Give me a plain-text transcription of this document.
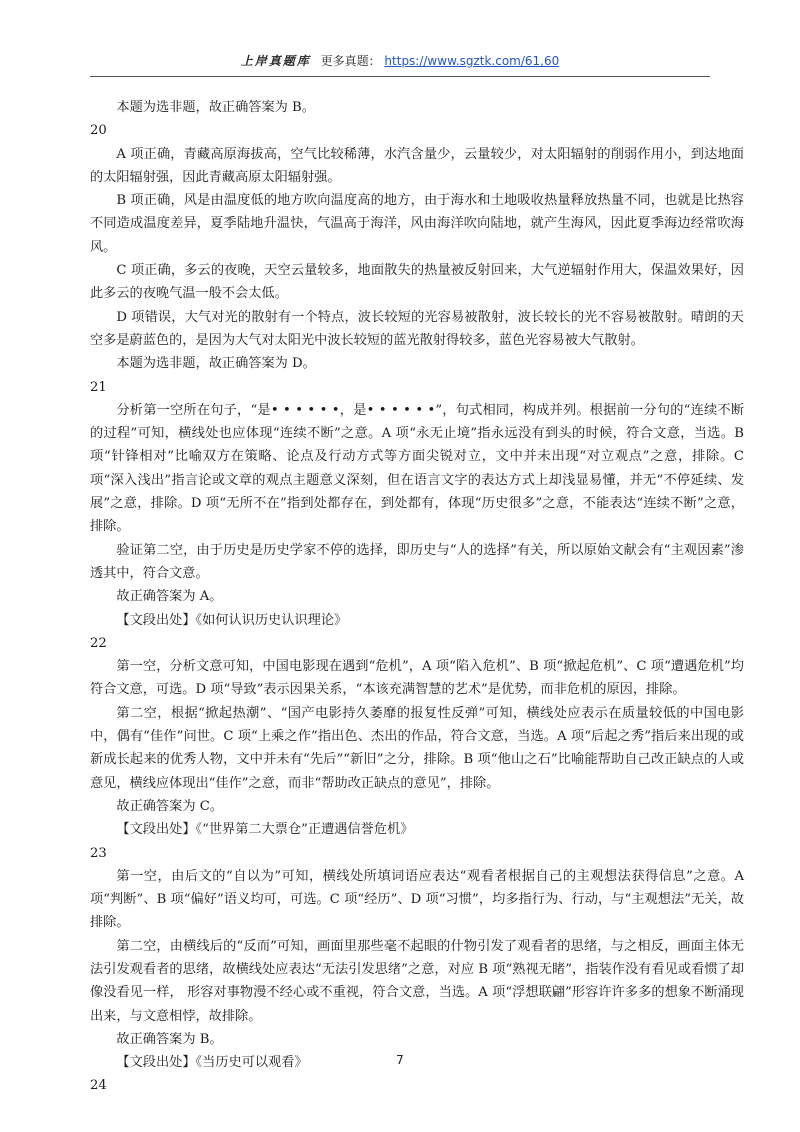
上岸真题库 更多真题： https://www.sgztk.com/61,60

本题为选非题，故正确答案为 B。

20

A 项正确，青藏高原海拔高，空气比较稀薄，水汽含量少，云量较少，对太阳辐射的削弱作用小，到达地面的太阳辐射强，因此青藏高原太阳辐射强。

B 项正确，风是由温度低的地方吹向温度高的地方，由于海水和土地吸收热量释放热量不同，也就是比热容不同造成温度差异，夏季陆地升温快，气温高于海洋，风由海洋吹向陆地，就产生海风，因此夏季海边经常吹海风。

C 项正确，多云的夜晚，天空云量较多，地面散失的热量被反射回来，大气逆辐射作用大，保温效果好，因此多云的夜晚气温一般不会太低。

D 项错误，大气对光的散射有一个特点，波长较短的光容易被散射，波长较长的光不容易被散射。晴朗的天空多是蔚蓝色的，是因为大气对太阳光中波长较短的蓝光散射得较多，蓝色光容易被大气散射。

本题为选非题，故正确答案为 D。

21

分析第一空所在句子，“是• • • • • •，是• • • • • •”，句式相同，构成并列。根据前一分句的“连续不断的过程”可知，横线处也应体现“连续不断”之意。A 项“永无止境”指永远没有到头的时候，符合文意，当选。B 项“针锋相对”比喻双方在策略、论点及行动方式等方面尖锐对立，文中并未出现“对立观点”之意，排除。C 项“深入浅出”指言论或文章的观点主题意义深刻，但在语言文字的表达方式上却浅显易懂，并无“不停延续、发展”之意，排除。D 项“无所不在”指到处都存在，到处都有，体现“历史很多”之意，不能表达“连续不断”之意，排除。

验证第二空，由于历史是历史学家不停的选择，即历史与“人的选择”有关，所以原始文献会有“主观因素”渗透其中，符合文意。

故正确答案为 A。

【文段出处】《如何认识历史认识理论》

22

第一空，分析文意可知，中国电影现在遇到“危机”，A 项“陷入危机”、B 项“掀起危机”、C 项“遭遇危机”均符合文意，可选。D 项“导致”表示因果关系，“本该充满智慧的艺术”是优势，而非危机的原因，排除。

第二空，根据“掀起热潮”、“国产电影持久萎靡的报复性反弹”可知，横线处应表示在质量较低的中国电影中，偶有“佳作”问世。C 项“上乘之作”指出色、杰出的作品，符合文意，当选。A 项“后起之秀”指后来出现的或新成长起来的优秀人物，文中并未有“先后”“新旧”之分，排除。B 项“他山之石”比喻能帮助自己改正缺点的人或意见，横线应体现出“佳作”之意，而非“帮助改正缺点的意见”，排除。

故正确答案为 C。

【文段出处】《“世界第二大票仓”正遭遇信誉危机》

23

第一空，由后文的“自以为”可知，横线处所填词语应表达“观看者根据自己的主观想法获得信息”之意。A 项“判断”、B 项“偏好”语义均可，可选。C 项“经历”、D 项“习惯”，均多指行为、行动，与“主观想法”无关，故排除。

第二空，由横线后的“反而”可知，画面里那些毫不起眼的什物引发了观看者的思绪，与之相反，画面主体无法引发观看者的思绪，故横线处应表达“无法引发思绪”之意，对应 B 项“熟视无睹”，指装作没有看见或看惯了却像没看见一样， 形容对事物漫不经心或不重视，符合文意，当选。A 项“浮想联翩”形容许许多多的想象不断涌现出来，与文意相悖，故排除。

故正确答案为 B。

【文段出处】《当历史可以观看》

24

7
